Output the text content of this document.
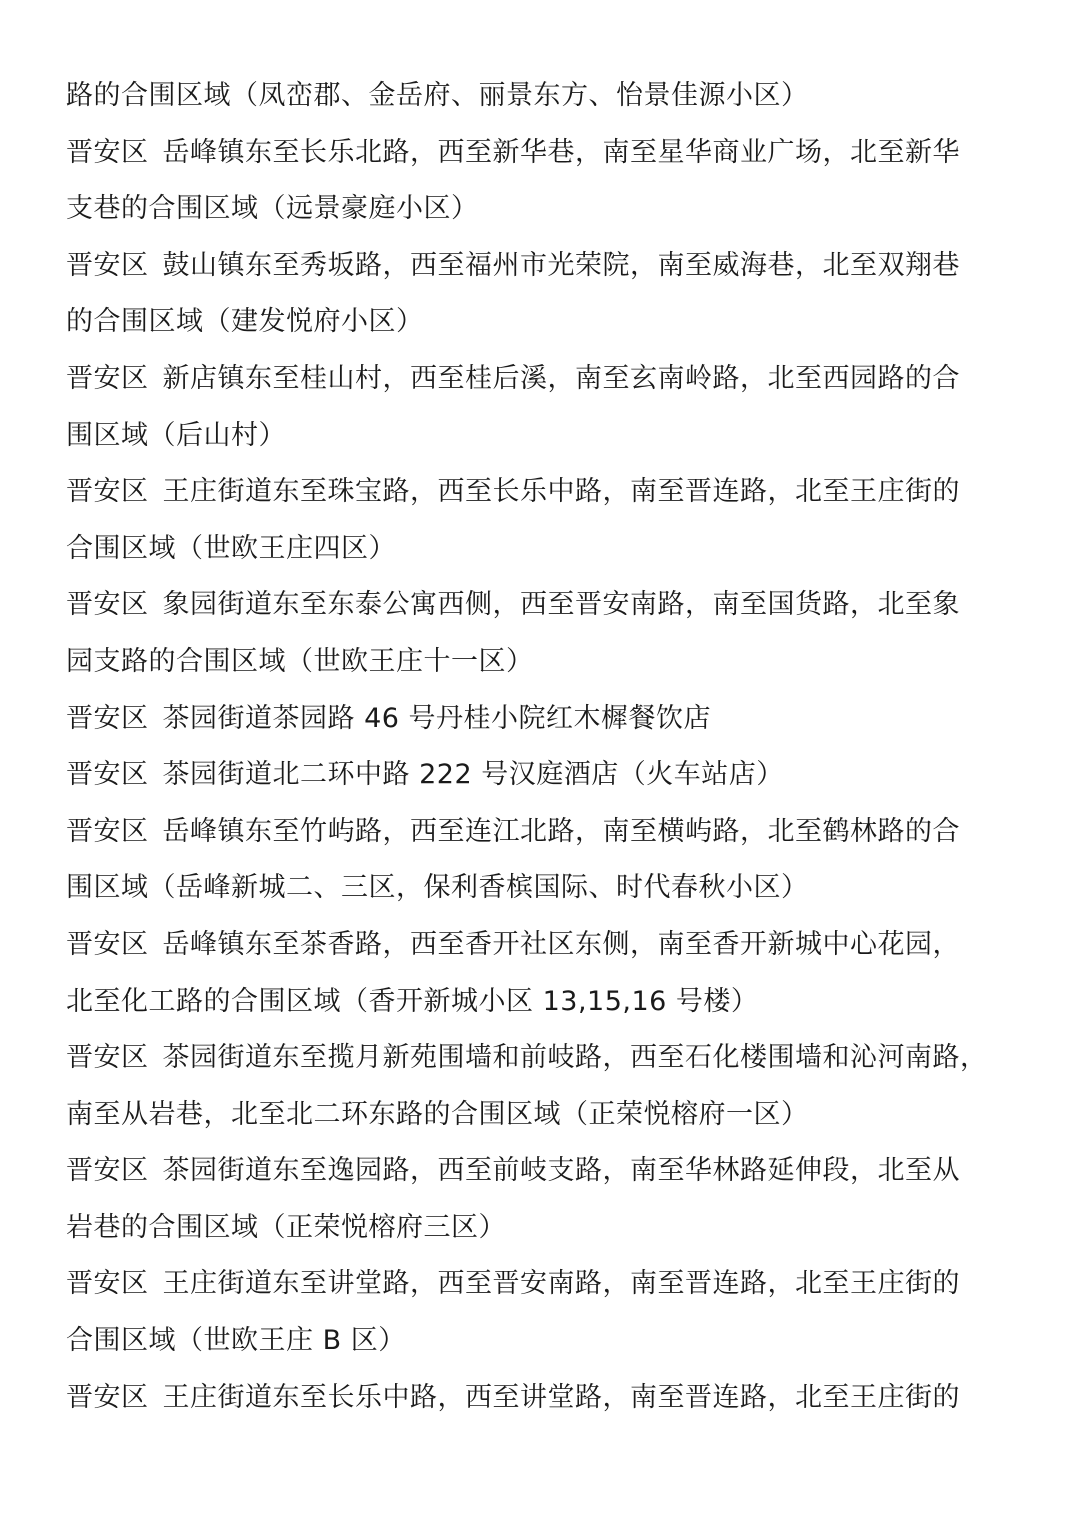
路的合围区域（凤峦郡、金岳府、丽景东方、怡景佳源小区）
晋安区 岳峰镇东至长乐北路，西至新华巷，南至星华商业广场，北至新华
支巷的合围区域（远景豪庭小区）
晋安区 鼓山镇东至秀坂路，西至福州市光荣院，南至威海巷，北至双翔巷
的合围区域（建发悦府小区）
晋安区 新店镇东至桂山村，西至桂后溪，南至玄南岭路，北至西园路的合
围区域（后山村）
晋安区 王庄街道东至珠宝路，西至长乐中路，南至晋连路，北至王庄街的
合围区域（世欧王庄四区）
晋安区 象园街道东至东泰公寓西侧，西至晋安南路，南至国货路，北至象
园支路的合围区域（世欧王庄十一区）
晋安区 茶园街道茶园路 46 号丹桂小院红木樨餐饮店
晋安区 茶园街道北二环中路 222 号汉庭酒店（火车站店）
晋安区 岳峰镇东至竹屿路，西至连江北路，南至横屿路，北至鹤林路的合
围区域（岳峰新城二、三区，保利香槟国际、时代春秋小区）
晋安区 岳峰镇东至茶香路，西至香开社区东侧，南至香开新城中心花园，
北至化工路的合围区域（香开新城小区 13,15,16 号楼）
晋安区 茶园街道东至揽月新苑围墙和前岐路，西至石化楼围墙和沁河南路，
南至从岩巷，北至北二环东路的合围区域（正荣悦榕府一区）
晋安区 茶园街道东至逸园路，西至前岐支路，南至华林路延伸段，北至从
岩巷的合围区域（正荣悦榕府三区）
晋安区 王庄街道东至讲堂路，西至晋安南路，南至晋连路，北至王庄街的
合围区域（世欧王庄 B 区）
晋安区 王庄街道东至长乐中路，西至讲堂路，南至晋连路，北至王庄街的
